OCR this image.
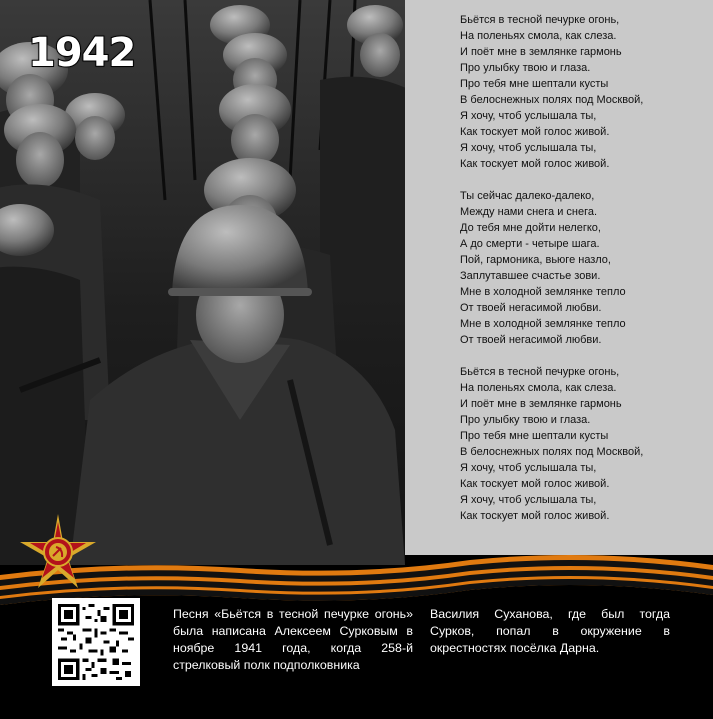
1942
Бьётся в тесной печурке огонь,
На поленьях смола, как слеза.
И поёт мне в землянке гармонь
Про улыбку твою и глаза.
Про тебя мне шептали кусты
В белоснежных полях под Москвой,
Я хочу, чтоб услышала ты,
Как тоскует мой голос живой.
Я хочу, чтоб услышала ты,
Как тоскует мой голос живой.
Ты сейчас далеко-далеко,
Между нами снега и снега.
До тебя мне дойти нелегко,
А до смерти - четыре шага.
Пой, гармоника, вьюге назло,
Заплутавшее счастье зови.
Мне в холодной землянке тепло
От твоей негасимой любви.
Мне в холодной землянке тепло
От твоей негасимой любви.
Бьётся в тесной печурке огонь,
На поленьях смола, как слеза.
И поёт мне в землянке гармонь
Про улыбку твою и глаза.
Про тебя мне шептали кусты
В белоснежных полях под Москвой,
Я хочу, чтоб услышала ты,
Как тоскует мой голос живой.
Я хочу, чтоб услышала ты,
Как тоскует мой голос живой.
Песня «Бьётся в тесной печурке огонь» была написана Алексеем Сурковым в ноябре 1941 года, когда 258-й стрелковый полк подполковника
Василия Суханова, где был тогда Сурков, попал в окружение в окрестностях посёлка Дарна.
